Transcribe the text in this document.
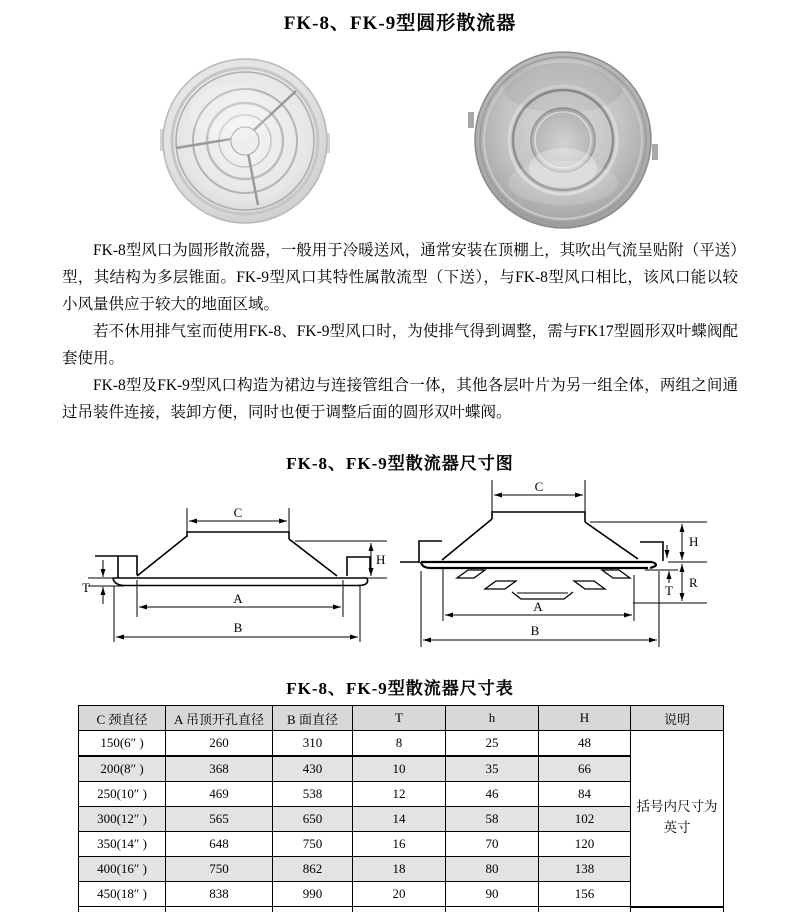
FK-8、FK-9型圆形散流器

FK-8型风口为圆形散流器，一般用于冷暖送风，通常安装在顶棚上，其吹出气流呈贴附（平送）型，其结构为多层锥面。FK-9型风口其特性属散流型（下送），与FK-8型风口相比，该风口能以较小风量供应于较大的地面区域。

若不休用排气室而使用FK-8、FK-9型风口时，为使排气得到调整，需与FK17型圆形双叶蝶阀配套使用。

FK-8型及FK-9型风口构造为裙边与连接管组合一体，其他各层叶片为另一组全体，两组之间通过吊装件连接，装卸方便，同时也便于调整后面的圆形双叶蝶阀。

FK-8、FK-9型散流器尺寸图
C
H
T
A
B
C
H
R
T
A
B
FK-8、FK-9型散流器尺寸表
C 颈直径	A 吊顶开孔直径	B 面直径	T	h	H	说明
150(6″ )	260	310	8	25	48	括号内尺寸为
英寸

200(8″ )	368	430	10	35	66	
250(10″ )	469	538	12	46	84	
300(12″ )	565	650	14	58	102	
350(14″ )	648	750	16	70	120	
400(16″ )	750	862	18	80	138	
450(18″ )	838	990	20	90	156	
